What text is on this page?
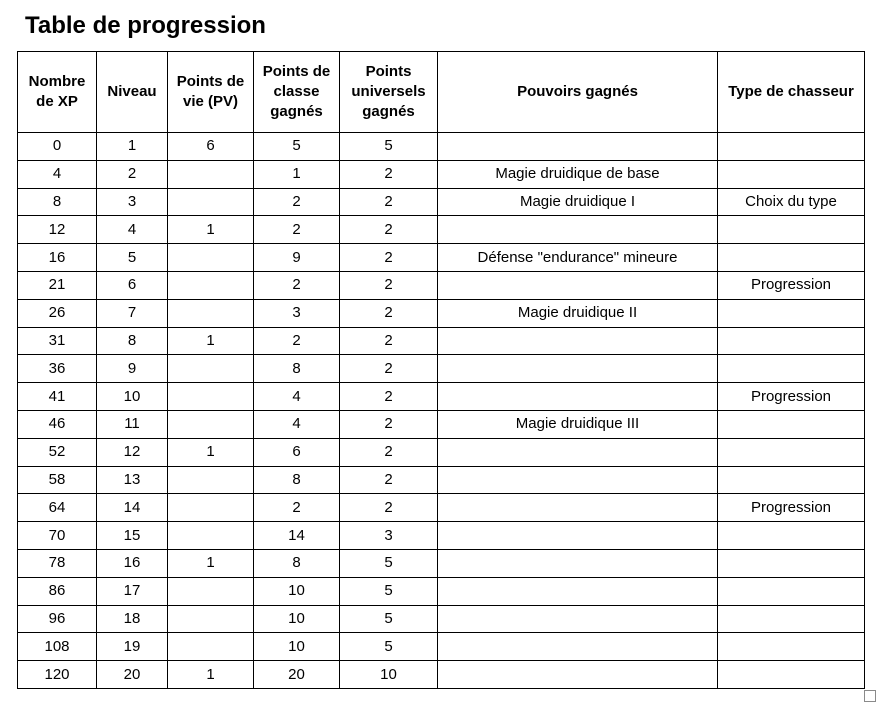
Table de progression
Nombre de XP	Niveau	Points de vie (PV)	Points de classe gagnés	Points universels gagnés	Pouvoirs gagnés	Type de chasseur
0	1	6	5	5		
4	2		1	2	Magie druidique de base	
8	3		2	2	Magie druidique I	Choix du type
12	4	1	2	2		
16	5		9	2	Défense "endurance" mineure	
21	6		2	2		Progression
26	7		3	2	Magie druidique II	
31	8	1	2	2		
36	9		8	2		
41	10		4	2		Progression
46	11		4	2	Magie druidique III	
52	12	1	6	2		
58	13		8	2		
64	14		2	2		Progression
70	15		14	3		
78	16	1	8	5		
86	17		10	5		
96	18		10	5		
108	19		10	5		
120	20	1	20	10		
